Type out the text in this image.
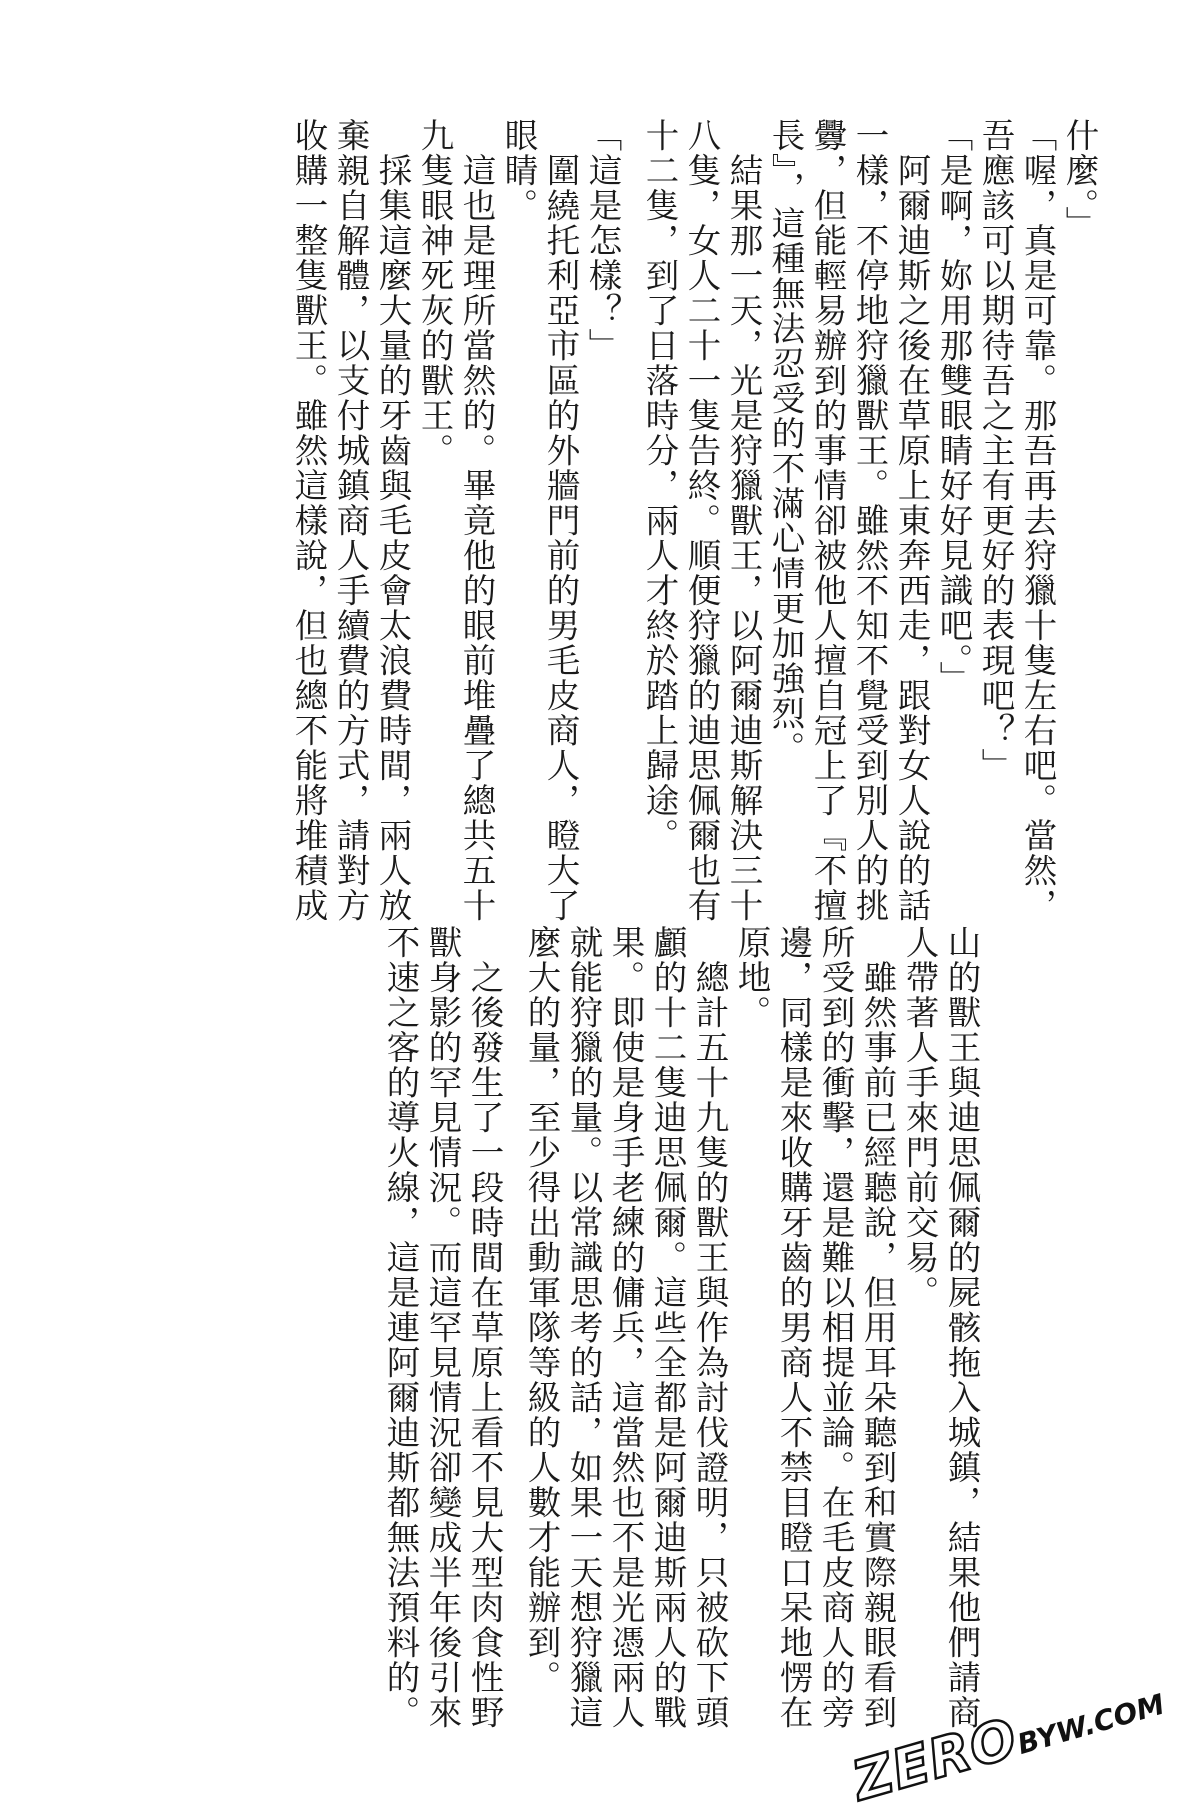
什麼。」
「喔，真是可靠。那吾再去狩獵十隻左右吧。當然，
吾應該可以期待吾之主有更好的表現吧？」
「是啊，妳用那雙眼睛好好見識吧。」
　阿爾迪斯之後在草原上東奔西走，跟對女人說的話
一樣，不停地狩獵獸王。雖然不知不覺受到別人的挑
釁，但能輕易辦到的事情卻被他人擅自冠上了『不擅
長』，這種無法忍受的不滿心情更加強烈。
　結果那一天，光是狩獵獸王，以阿爾迪斯解決三十
八隻，女人二十一隻告終。順便狩獵的迪思佩爾也有
十二隻，到了日落時分，兩人才終於踏上歸途。
「這是怎樣？」
　圍繞托利亞市區的外牆門前的男毛皮商人，瞪大了
眼睛。
　這也是理所當然的。畢竟他的眼前堆疊了總共五十
九隻眼神死灰的獸王。
　採集這麼大量的牙齒與毛皮會太浪費時間，兩人放
棄親自解體，以支付城鎮商人手續費的方式，請對方
收購一整隻獸王。雖然這樣說，但也總不能將堆積成
山的獸王與迪思佩爾的屍骸拖入城鎮，結果他們請商
人帶著人手來門前交易。
　雖然事前已經聽說，但用耳朵聽到和實際親眼看到
所受到的衝擊，還是難以相提並論。在毛皮商人的旁
邊，同樣是來收購牙齒的男商人不禁目瞪口呆地愣在
原地。
　總計五十九隻的獸王與作為討伐證明，只被砍下頭
顱的十二隻迪思佩爾。這些全都是阿爾迪斯兩人的戰
果。即使是身手老練的傭兵，這當然也不是光憑兩人
就能狩獵的量。以常識思考的話，如果一天想狩獵這
麼大的量，至少得出動軍隊等級的人數才能辦到。
　之後發生了一段時間在草原上看不見大型肉食性野
獸身影的罕見情況。而這罕見情況卻變成半年後引來
不速之客的導火線，這是連阿爾迪斯都無法預料的。
ZEROBYW.COM
